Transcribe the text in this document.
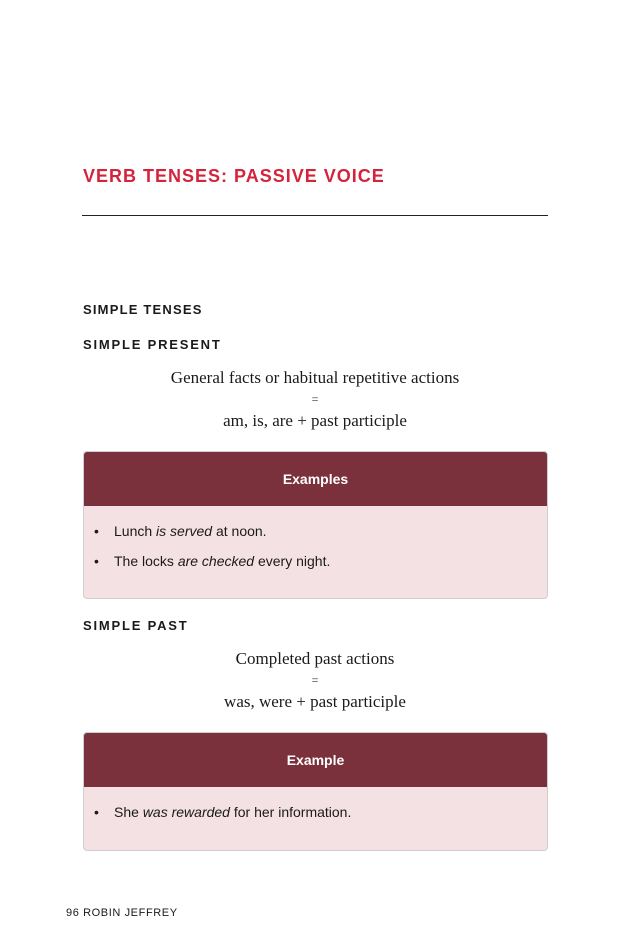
VERB TENSES: PASSIVE VOICE
SIMPLE TENSES
SIMPLE PRESENT
General facts or habitual repetitive actions
=
am, is, are + past participle
Examples
• Lunch is served at noon.
• The locks are checked every night.
SIMPLE PAST
Completed past actions
=
was, were + past participle
Example
• She was rewarded for her information.
96 ROBIN JEFFREY
